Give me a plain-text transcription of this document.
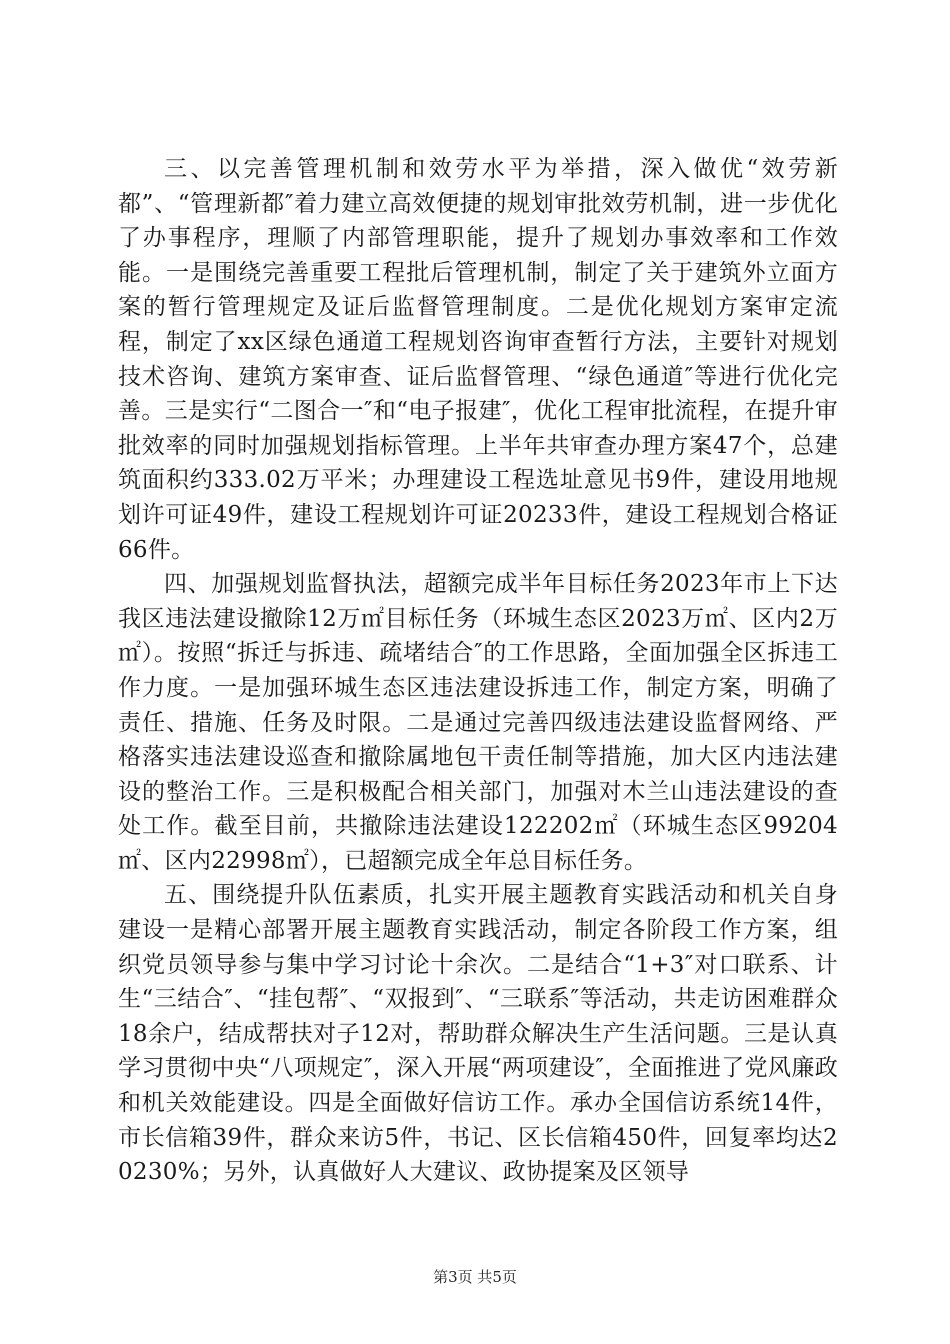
三、以完善管理机制和效劳水平为举措，深入做优“效劳新都”、“管理新都″着力建立高效便捷的规划审批效劳机制，进一步优化了办事程序，理顺了内部管理职能，提升了规划办事效率和工作效能。一是围绕完善重要工程批后管理机制，制定了关于建筑外立面方案的暂行管理规定及证后监督管理制度。二是优化规划方案审定流程，制定了xx区绿色通道工程规划咨询审查暂行方法，主要针对规划技术咨询、建筑方案审查、证后监督管理、“绿色通道″等进行优化完善。三是实行“二图合一″和“电子报建″，优化工程审批流程，在提升审批效率的同时加强规划指标管理。上半年共审查办理方案47个，总建筑面积约333.02万平米；办理建设工程选址意见书9件，建设用地规划许可证49件，建设工程规划许可证20233件，建设工程规划合格证66件。

四、加强规划监督执法，超额完成半年目标任务2023年市上下达我区违法建设撤除12万㎡目标任务（环城生态区2023万㎡、区内2万㎡）。按照“拆迁与拆违、疏堵结合″的工作思路，全面加强全区拆违工作力度。一是加强环城生态区违法建设拆违工作，制定方案，明确了责任、措施、任务及时限。二是通过完善四级违法建设监督网络、严格落实违法建设巡查和撤除属地包干责任制等措施，加大区内违法建设的整治工作。三是积极配合相关部门，加强对木兰山违法建设的查处工作。截至目前，共撤除违法建设122202㎡（环城生态区99204㎡、区内22998㎡），已超额完成全年总目标任务。

五、围绕提升队伍素质，扎实开展主题教育实践活动和机关自身建设一是精心部署开展主题教育实践活动，制定各阶段工作方案，组织党员领导参与集中学习讨论十余次。二是结合“1+3″对口联系、计生“三结合″、“挂包帮″、“双报到″、“三联系″等活动，共走访困难群众18余户，结成帮扶对子12对，帮助群众解决生产生活问题。三是认真学习贯彻中央“八项规定″，深入开展“两项建设″，全面推进了党风廉政和机关效能建设。四是全面做好信访工作。承办全国信访系统14件，市长信箱39件，群众来访5件，书记、区长信箱450件，回复率均达20230%；另外，认真做好人大建议、政协提案及区领导

第3页 共5页
